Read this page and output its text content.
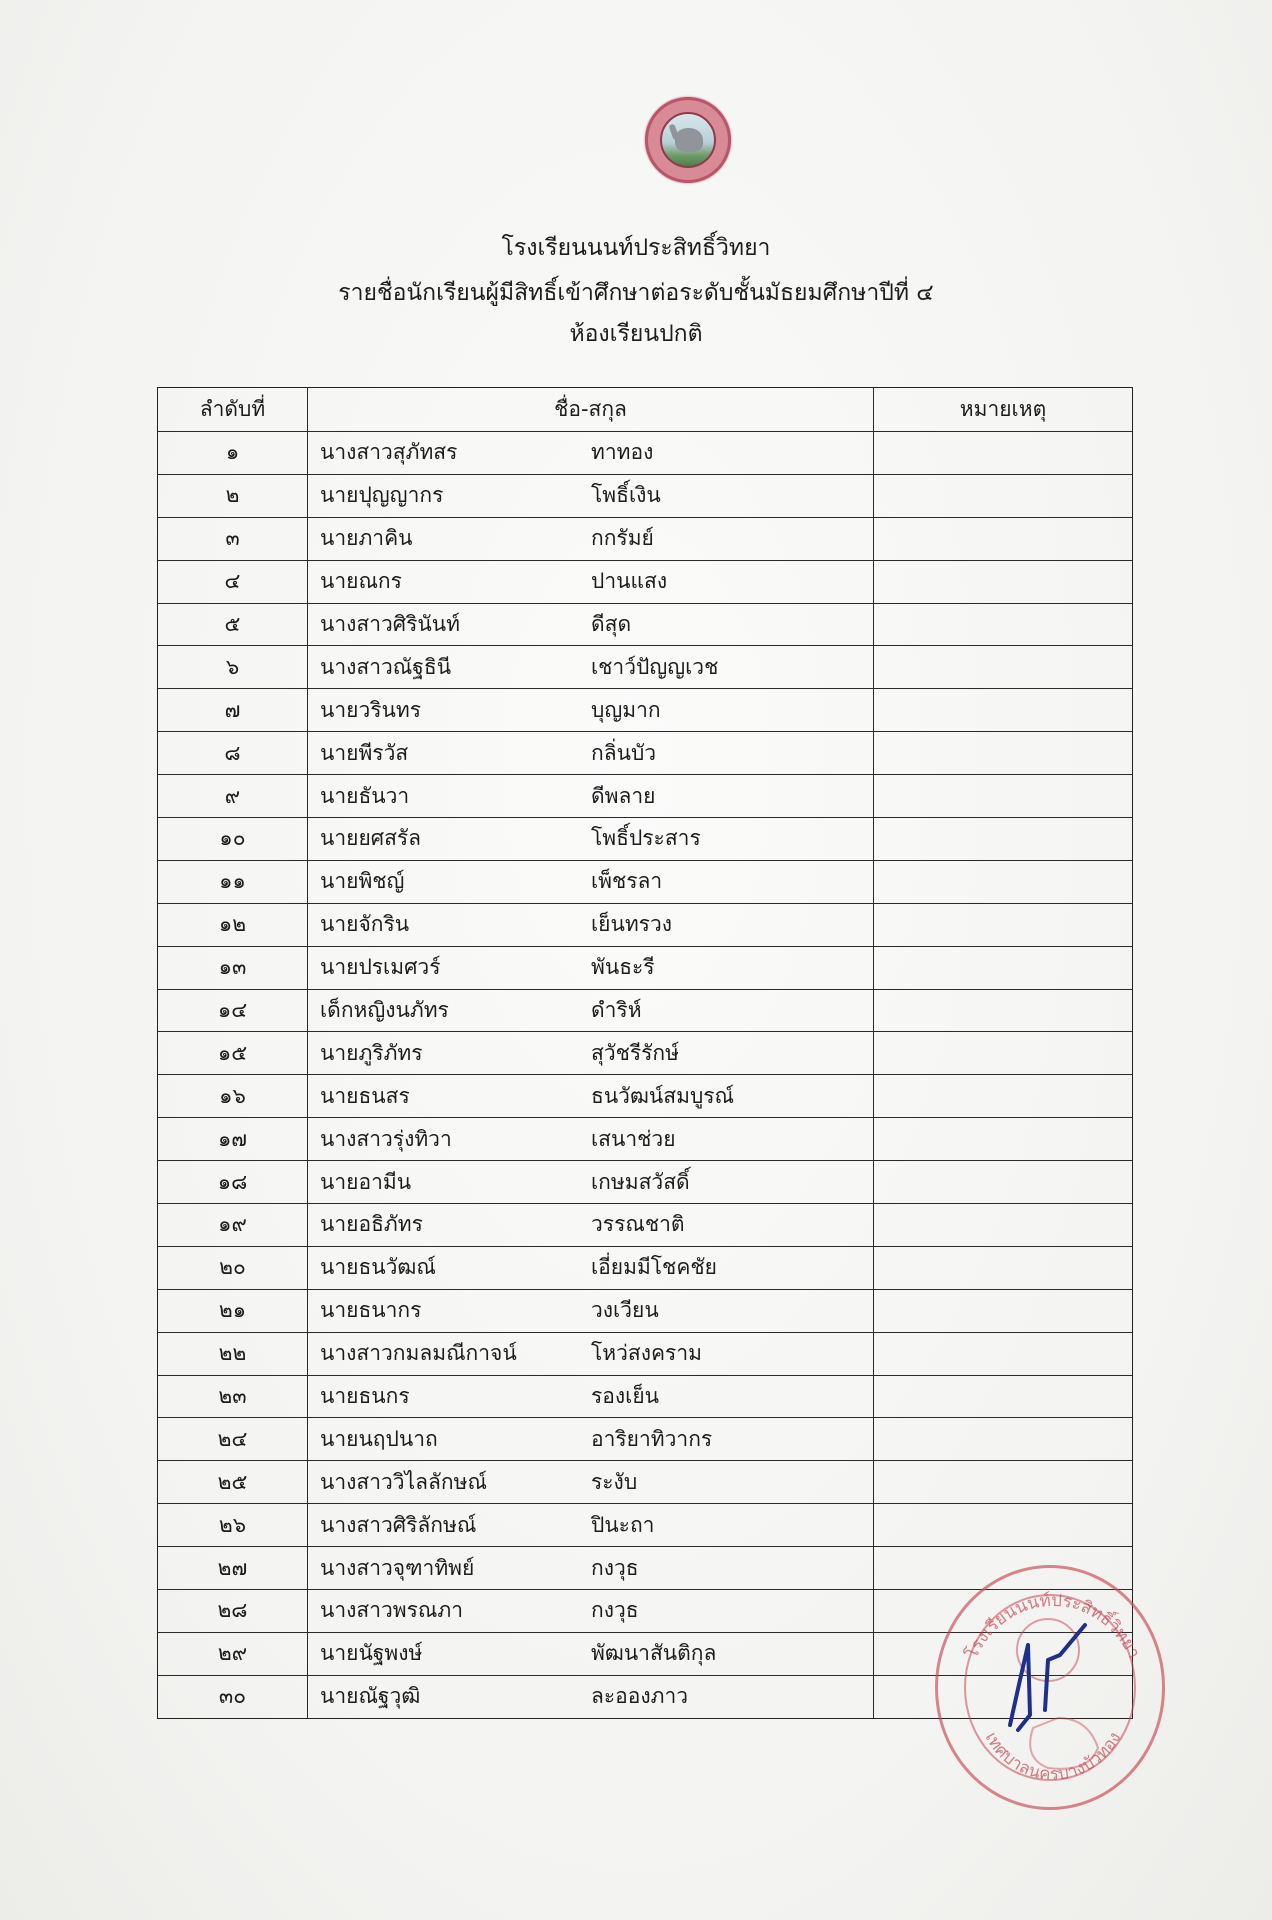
โรงเรียนนนท์ประสิทธิ์วิทยา
รายชื่อนักเรียนผู้มีสิทธิ์เข้าศึกษาต่อระดับชั้นมัธยมศึกษาปีที่ ๔
ห้องเรียนปกติ
ลำดับที่	ชื่อ-สกุล	หมายเหตุ
๑	นางสาวสุภัทสร	ทาทอง
๒	นายปุญญากร	โพธิ์เงิน
๓	นายภาคิน	กกรัมย์
๔	นายณกร	ปานแสง
๕	นางสาวศิรินันท์	ดีสุด
๖	นางสาวณัฐธินี	เชาว์ปัญญเวช
๗	นายวรินทร	บุญมาก
๘	นายพีรวัส	กลิ่นบัว
๙	นายธันวา	ดีพลาย
๑๐	นายยศสรัล	โพธิ์ประสาร
๑๑	นายพิชญ์	เพ็ชรลา
๑๒	นายจักริน	เย็นทรวง
๑๓	นายปรเมศวร์	พันธะรี
๑๔	เด็กหญิงนภัทร	ดำริห์
๑๕	นายภูริภัทร	สุวัชรีรักษ์
๑๖	นายธนสร	ธนวัฒน์สมบูรณ์
๑๗	นางสาวรุ่งทิวา	เสนาช่วย
๑๘	นายอามีน	เกษมสวัสดิ์
๑๙	นายอธิภัทร	วรรณชาติ
๒๐	นายธนวัฒณ์	เอี่ยมมีโชคชัย
๒๑	นายธนากร	วงเวียน
๒๒	นางสาวกมลมณีกาจน์	โหว่สงคราม
๒๓	นายธนกร	รองเย็น
๒๔	นายนฤปนาถ	อาริยาทิวากร
๒๕	นางสาววิไลลักษณ์	ระงับ
๒๖	นางสาวศิริลักษณ์	ปินะถา
๒๗	นางสาวจุฑาทิพย์	กงวุธ
๒๘	นางสาวพรณภา	กงวุธ
๒๙	นายนัฐพงษ์	พัฒนาสันติกุล
๓๐	นายณัฐวุฒิ	ละอองภาว
โรงเรียนนนท์ประสิทธิ์วิทยา
เทศบาลนครบางบัวทอง
